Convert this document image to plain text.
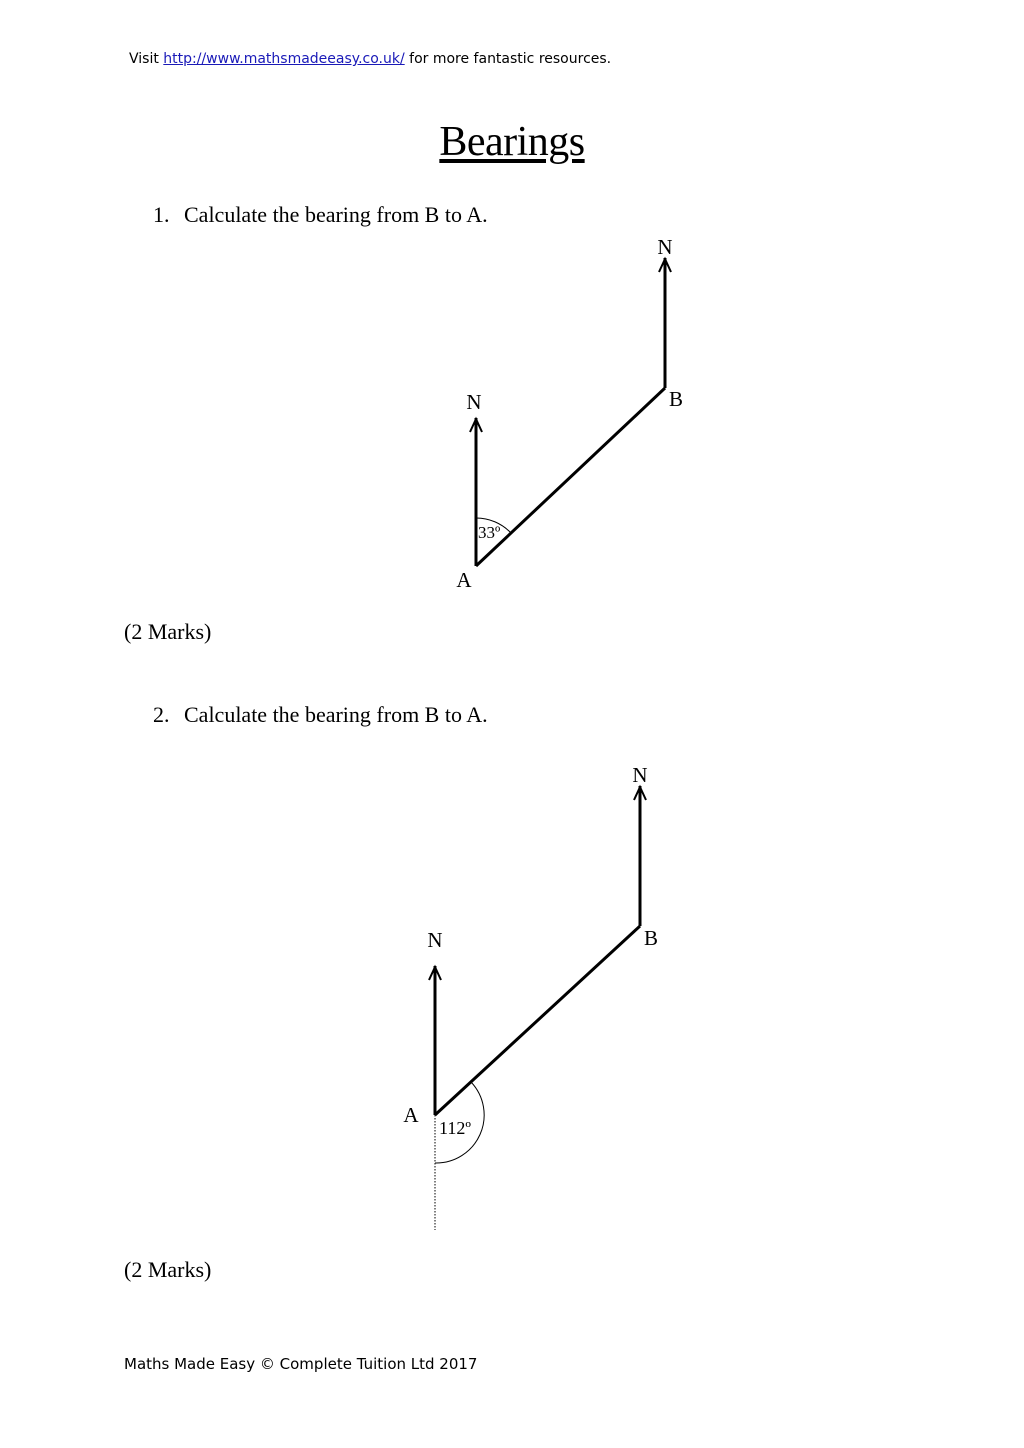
Visit http://www.mathsmadeeasy.co.uk/ for more fantastic resources.
Bearings
1. Calculate the bearing from B to A.
N
N
33º
A
B
(2 Marks)
2. Calculate the bearing from B to A.
N
N
112º
A
B
(2 Marks)
Maths Made Easy © Complete Tuition Ltd 2017
